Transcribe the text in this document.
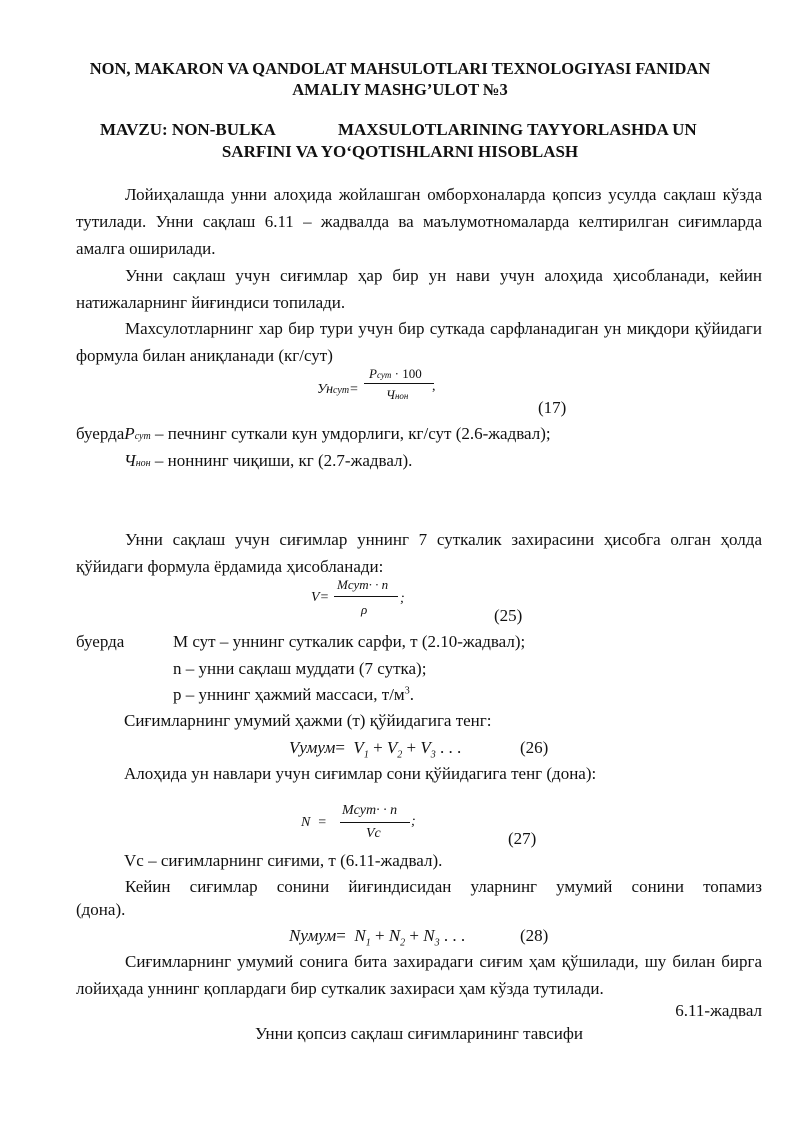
NON, MAKARON VA QANDOLAT MAHSULOTLARI TEXNOLOGIYASI FANIDAN
AMALIY MASHG’ULOT №3
MAVZU: NON-BULKA	MAXSULOTLARINING TAYYORLASHDA UN
SARFINI VA YO‘QOTISHLARNI HISOBLASH
Лойиҳалашда унни алоҳида жойлашган омборхоналарда қопсиз усулда сақлаш кўзда тутилади. Унни сақлаш 6.11 – жадвалда ва маълумотномаларда келтирилган сиғимларда амалга оширилади.
Унни сақлаш учун сиғимлар ҳар бир ун нави учун алоҳида ҳисобланади, кейин натижаларнинг йиғиндиси топилади.
Махсулотларнинг хар бир тури учун бир суткада сарфланадиган ун миқдори қўйидаги формула билан аниқланади (кг/сут)
Унсут=
Рсут · 100
Чнон
,
(17)
буердаРсут – печнинг суткали кун умдорлиги, кг/сут (2.6-жадвал);
Чнон – ноннинг чиқиши, кг (2.7-жадвал).
Унни сақлаш учун сиғимлар уннинг 7 суткалик захирасини ҳисобга олган ҳолда қўйидаги формула ёрдамида ҳисобланади:
V=
Mсут· · n
ρ
;
(25)
буерда	М сут – уннинг суткалик сарфи, т (2.10-жадвал);
n – унни сақлаш муддати (7 сутка);
р – уннинг ҳажмий массаси, $т/м^3$.
Сиғимларнинг умумий ҳажми (т) қўйидагига тенг:
Vумум= $V_1 + V_2 + V_3$ . . .	(26)
Алоҳида ун навлари учун сиғимлар сони қўйидагига тенг (дона):
N =
Mсут· · n
Vc
;
(27)
Vc – сиғимларнинг сиғими, т (6.11-жадвал).
Кейин сиғимлар сонини йиғиндисидан уларнинг умумий сонини топамиз
(дона).
Nумум= $N_1 + N_2 + N_3$ . . .	(28)
Сиғимларнинг умумий сонига бита захирадаги сиғим ҳам қўшилади, шу билан бирга лойиҳада уннинг қоплардаги бир суткалик захираси ҳам кўзда тутилади.
6.11-жадвал
Унни қопсиз сақлаш сиғимларининг тавсифи
